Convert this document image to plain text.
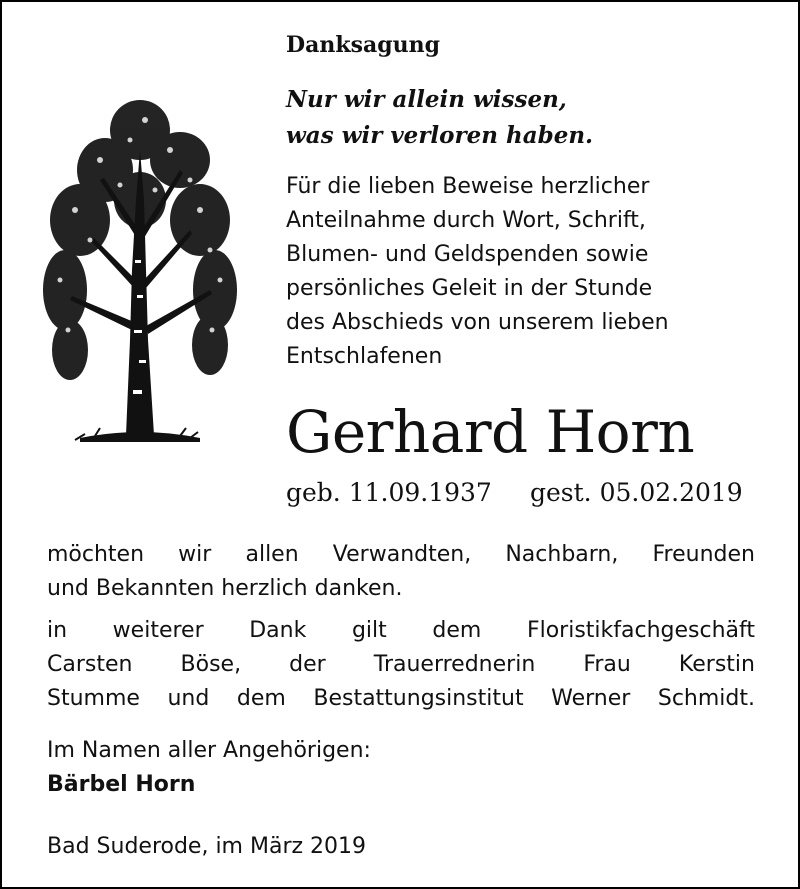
Danksagung
Nur wir allein wissen,
was wir verloren haben.
Für die lieben Beweise herzlicher
Anteilnahme durch Wort, Schrift,
Blumen- und Geldspenden sowie
persönliches Geleit in der Stunde
des Abschieds von unserem lieben
Entschlafenen
Gerhard Horn
geb. 11.09.1937 gest. 05.02.2019
möchten wir allen Verwandten, Nachbarn, Freunden
und Bekannten herzlich danken.
in weiterer Dank gilt dem Floristikfachgeschäft
Carsten Böse, der Trauerrednerin Frau Kerstin
Stumme und dem Bestattungsinstitut Werner Schmidt.
Im Namen aller Angehörigen:
Bärbel Horn
Bad Suderode, im März 2019
